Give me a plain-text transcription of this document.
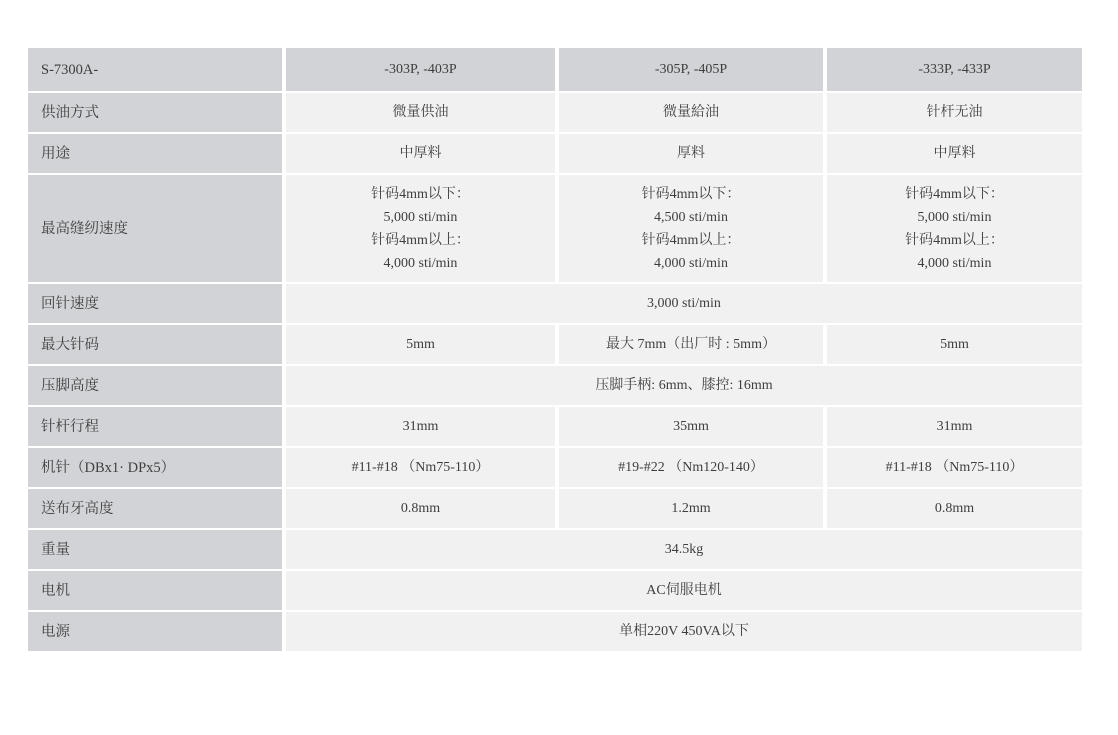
S-7300A-	-303P, -403P	-305P, -405P	-333P, -433P
供油方式	微量供油	微量給油	针杆无油
用途	中厚料	厚料	中厚料
最高缝纫速度	针码4mm以下：
5,000 sti/min
针码4mm以上：
4,000 sti/min	针码4mm以下：
4,500 sti/min
针码4mm以上：
4,000 sti/min	针码4mm以下：
5,000 sti/min
针码4mm以上：
4,000 sti/min
回针速度	3,000 sti/min		
最大针码	5mm	最大 7mm（出厂时 : 5mm）	5mm
压脚高度	压脚手柄: 6mm、膝控: 16mm		
针杆行程	31mm	35mm	31mm
机针（DBx1· DPx5）	#11-#18 （Nm75-110）	#19-#22 （Nm120-140）	#11-#18 （Nm75-110）
送布牙高度	0.8mm	1.2mm	0.8mm
重量	34.5kg		
电机	AC伺服电机		
电源	单相220V 450VA以下		
